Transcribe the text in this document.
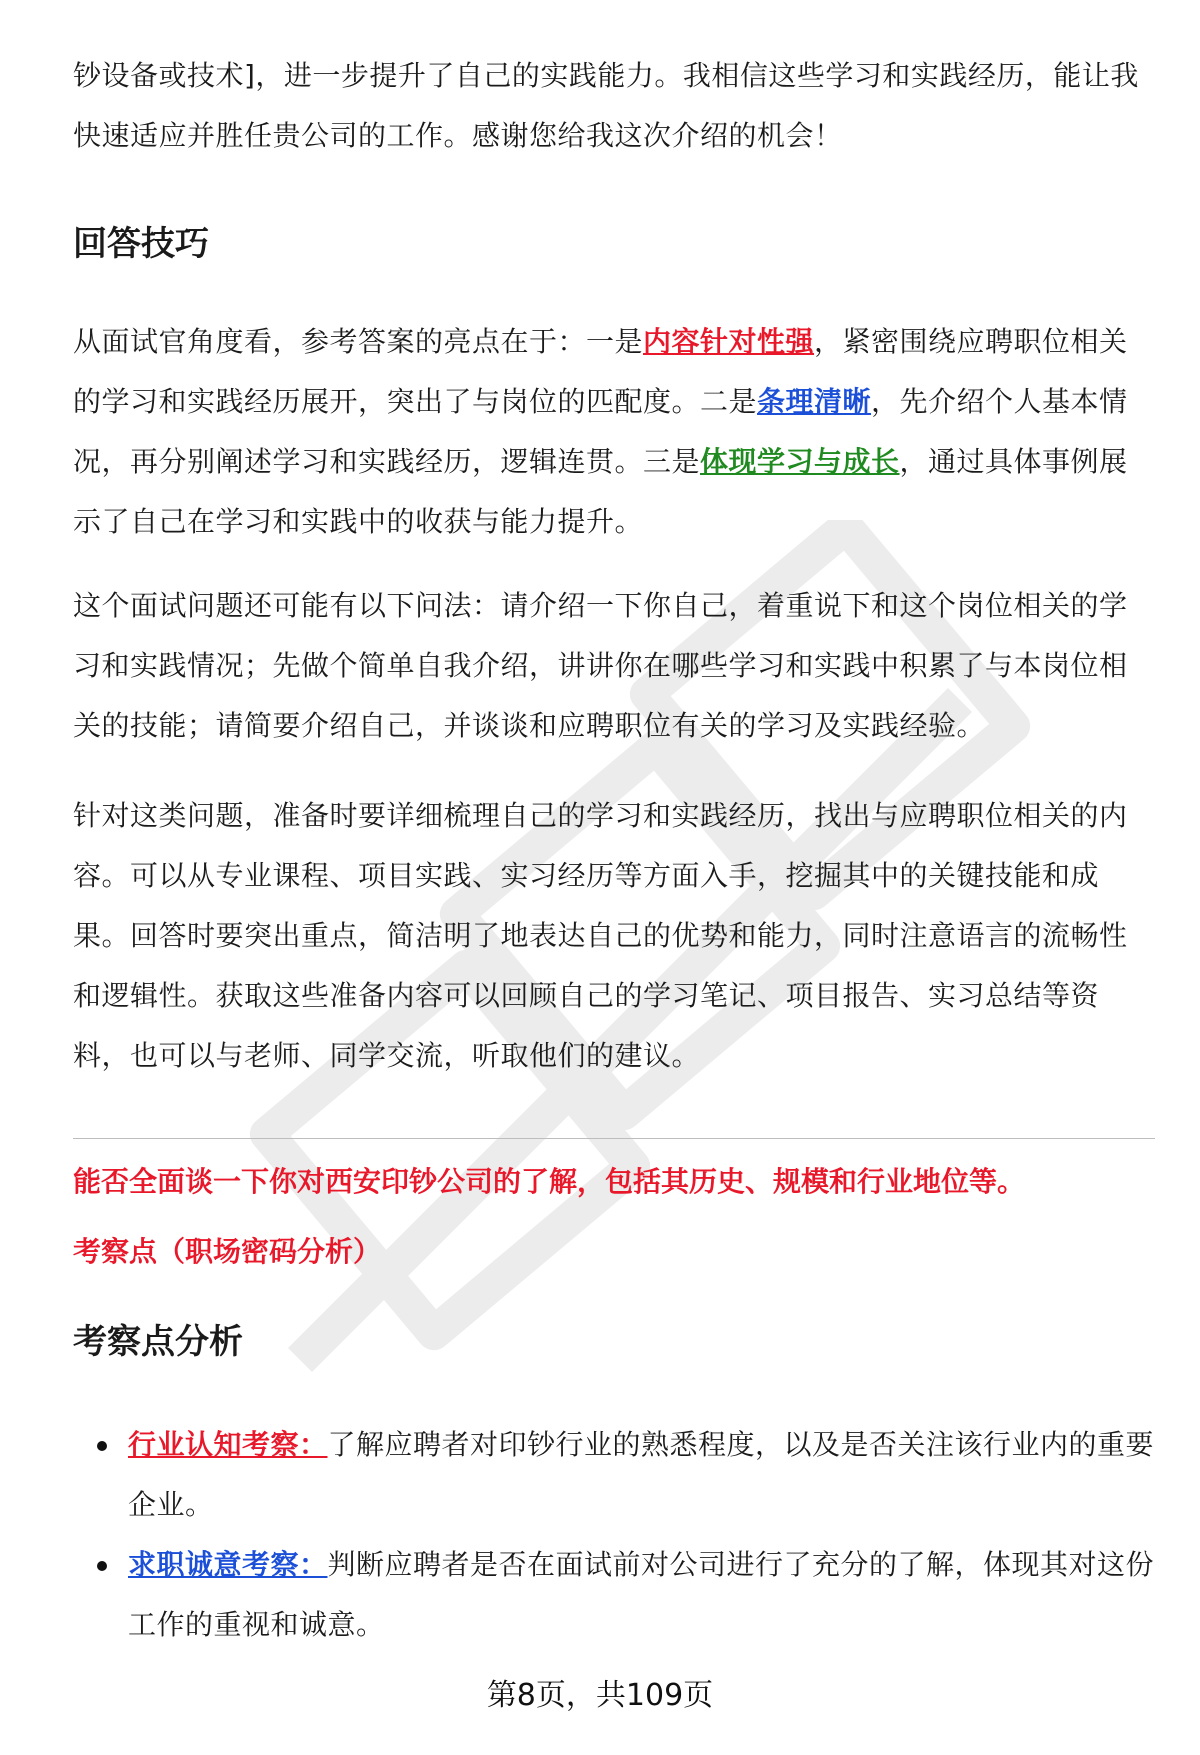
钞设备或技术]，进一步提升了自己的实践能力。我相信这些学习和实践经历，能让我快速适应并胜任贵公司的工作。感谢您给我这次介绍的机会！

回答技巧

从面试官角度看，参考答案的亮点在于：一是内容针对性强，紧密围绕应聘职位相关的学习和实践经历展开，突出了与岗位的匹配度。二是条理清晰，先介绍个人基本情况，再分别阐述学习和实践经历，逻辑连贯。三是体现学习与成长，通过具体事例展示了自己在学习和实践中的收获与能力提升。

这个面试问题还可能有以下问法：请介绍一下你自己，着重说下和这个岗位相关的学习和实践情况；先做个简单自我介绍，讲讲你在哪些学习和实践中积累了与本岗位相关的技能；请简要介绍自己，并谈谈和应聘职位有关的学习及实践经验。

针对这类问题，准备时要详细梳理自己的学习和实践经历，找出与应聘职位相关的内容。可以从专业课程、项目实践、实习经历等方面入手，挖掘其中的关键技能和成果。回答时要突出重点，简洁明了地表达自己的优势和能力，同时注意语言的流畅性和逻辑性。获取这些准备内容可以回顾自己的学习笔记、项目报告、实习总结等资料，也可以与老师、同学交流，听取他们的建议。

能否全面谈一下你对西安印钞公司的了解，包括其历史、规模和行业地位等。

考察点（职场密码分析）

考察点分析
行业认知考察：了解应聘者对印钞行业的熟悉程度，以及是否关注该行业内的重要企业。
求职诚意考察：判断应聘者是否在面试前对公司进行了充分的了解，体现其对这份工作的重视和诚意。
第8页，共109页
